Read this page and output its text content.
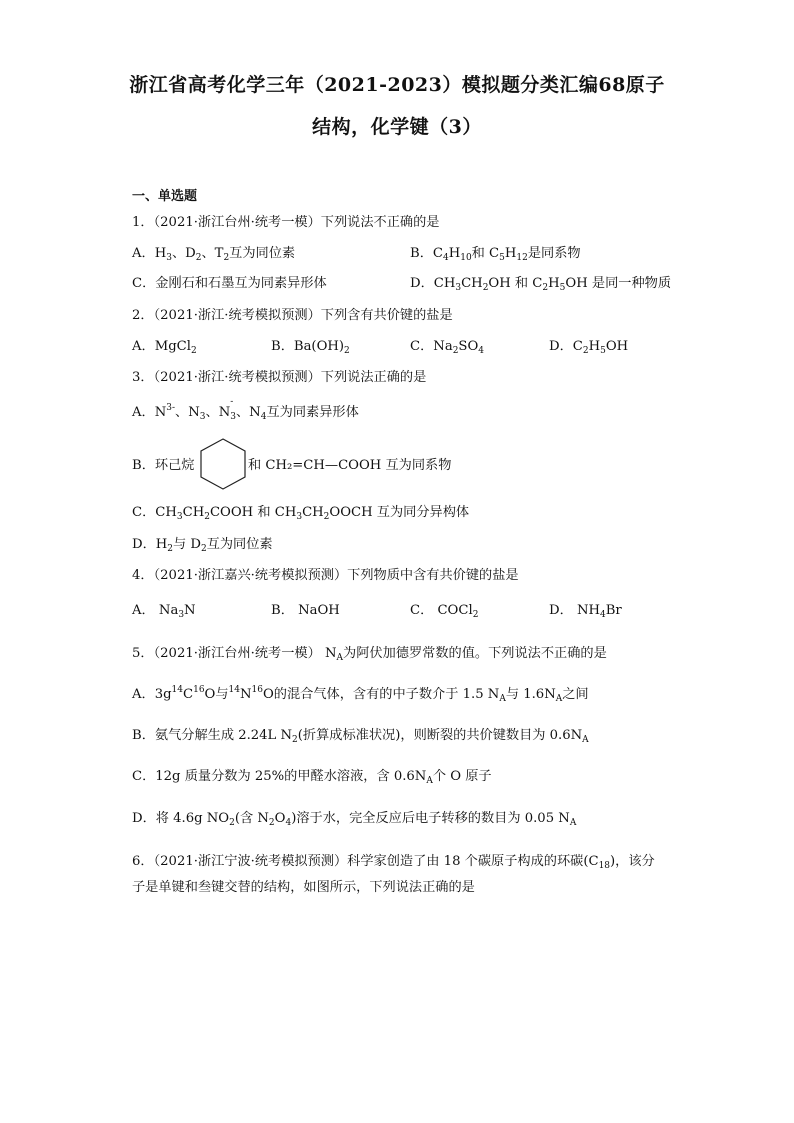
浙江省高考化学三年（2021-2023）模拟题分类汇编68原子
结构，化学键（3）
一、单选题
1．（2021·浙江台州·统考一模）下列说法不正确的是
A．$H_3$、$D_2$、$T_2$互为同位素	B．$C_4H_{10}$和 $C_5H_{12}$是同系物
C．金刚石和石墨互为同素异形体	D．$CH_3CH_2OH$ 和 $C_2H_5OH$ 是同一种物质
2．（2021·浙江·统考模拟预测）下列含有共价键的盐是
A．MgCl$_2$	B．$Ba(OH)_2$	C．$Na_2SO_4$	D．$C_2H_5OH$
3．（2021·浙江·统考模拟预测）下列说法正确的是
A．$N^{3-}$、$N_3$、N
-
$_3$、$N_4$互为同素异形体
B．环己烷	和 CH₂=CH—COOH 互为同系物
C．$CH_3CH_2COOH$ 和 $CH_3CH_2OOCH$ 互为同分异构体
D．$H_2$与 $D_2$互为同位素
4．（2021·浙江嘉兴·统考模拟预测）下列物质中含有共价键的盐是
A． $Na_3N$	B． NaOH	C． COCl$_2$	D． $NH_4Br$
5．（2021·浙江台州·统考一模） $N_A$为阿伏加德罗常数的值。下列说法不正确的是
A．$3g^{14}C^{16}O$与$^{14}N^{16}O$的混合气体，含有的中子数介于 1.5 $N_A$与 $1.6N_A$之间
B．氨气分解生成 2.24L $N_2$(折算成标准状况)，则断裂的共价键数目为 $0.6N_A$
C．12g 质量分数为 25%的甲醛水溶液，含 $0.6N_A$个 O 原子
D．将 4.6g $NO_2$(含 $N_2O_4$)溶于水，完全反应后电子转移的数目为 0.05 $N_A$
6．（2021·浙江宁波·统考模拟预测）科学家创造了由 18 个碳原子构成的环碳$(C_{18})$，该分
子是单键和叁键交替的结构，如图所示，下列说法正确的是
